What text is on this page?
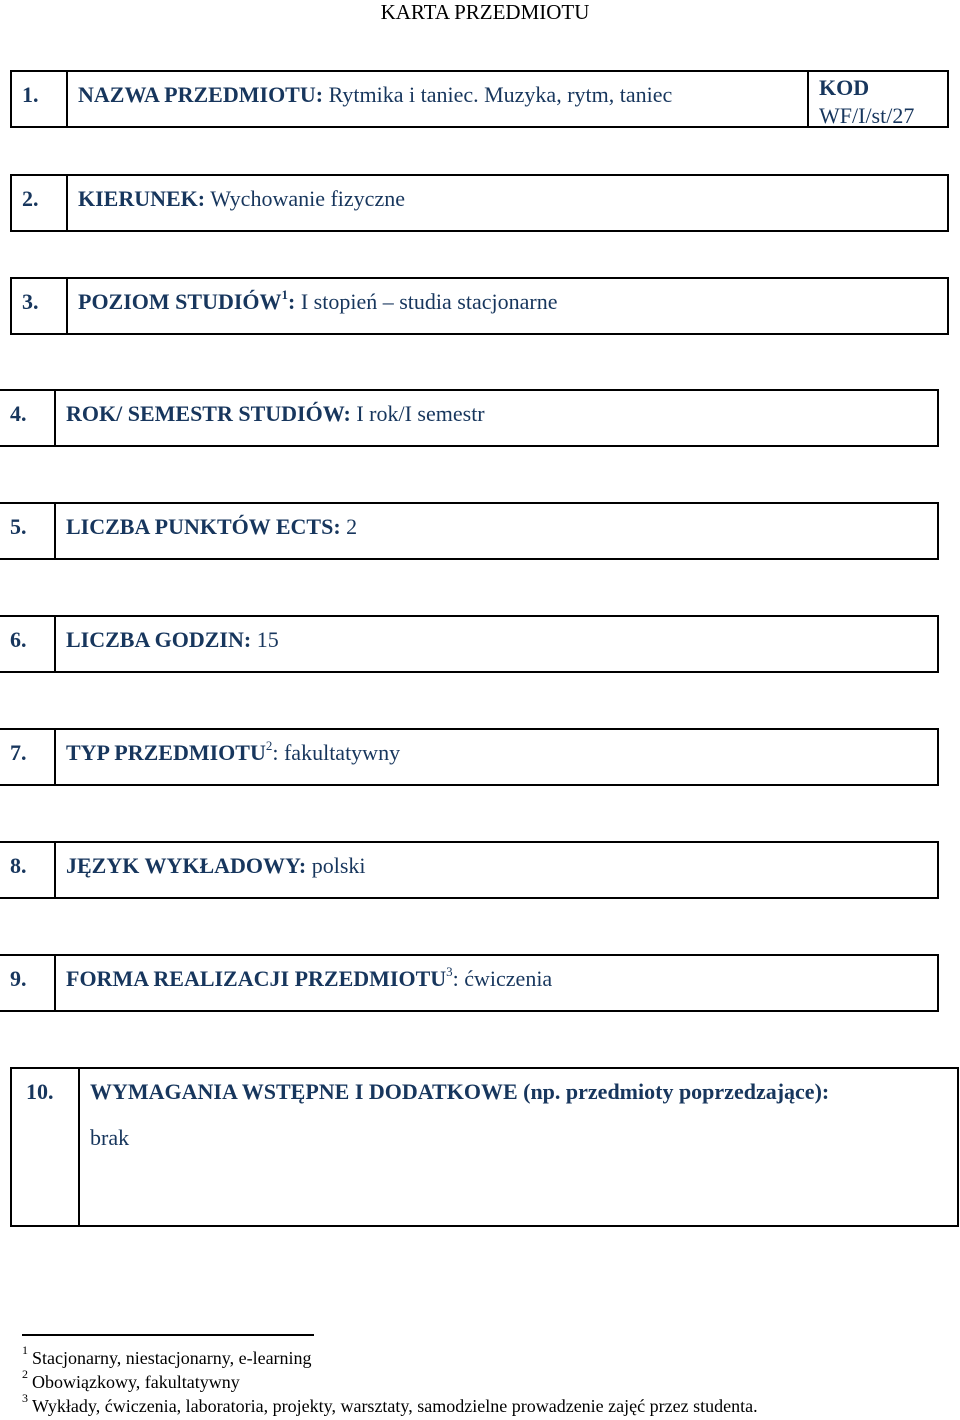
KARTA PRZEDMIOTU
1.	NAZWA PRZEDMIOTU: Rytmika i taniec. Muzyka, rytm, taniec	KOD
WF/I/st/27
2.	KIERUNEK: Wychowanie fizyczne
3.	POZIOM STUDIÓW$^1$: I stopień – studia stacjonarne
4.	ROK/ SEMESTR STUDIÓW: I rok/I semestr
5.	LICZBA PUNKTÓW ECTS: 2
6.	LICZBA GODZIN: 15
7.	TYP PRZEDMIOTU$^2$: fakultatywny
8.	JĘZYK WYKŁADOWY: polski
9.	FORMA REALIZACJI PRZEDMIOTU$^3$: ćwiczenia
10.	WYMAGANIA WSTĘPNE I DODATKOWE (np. przedmioty poprzedzające):
brak
$^1$ Stacjonarny, niestacjonarny, e-learning
$^2$ Obowiązkowy, fakultatywny
$^3$ Wykłady, ćwiczenia, laboratoria, projekty, warsztaty, samodzielne prowadzenie zajęć przez studenta.
